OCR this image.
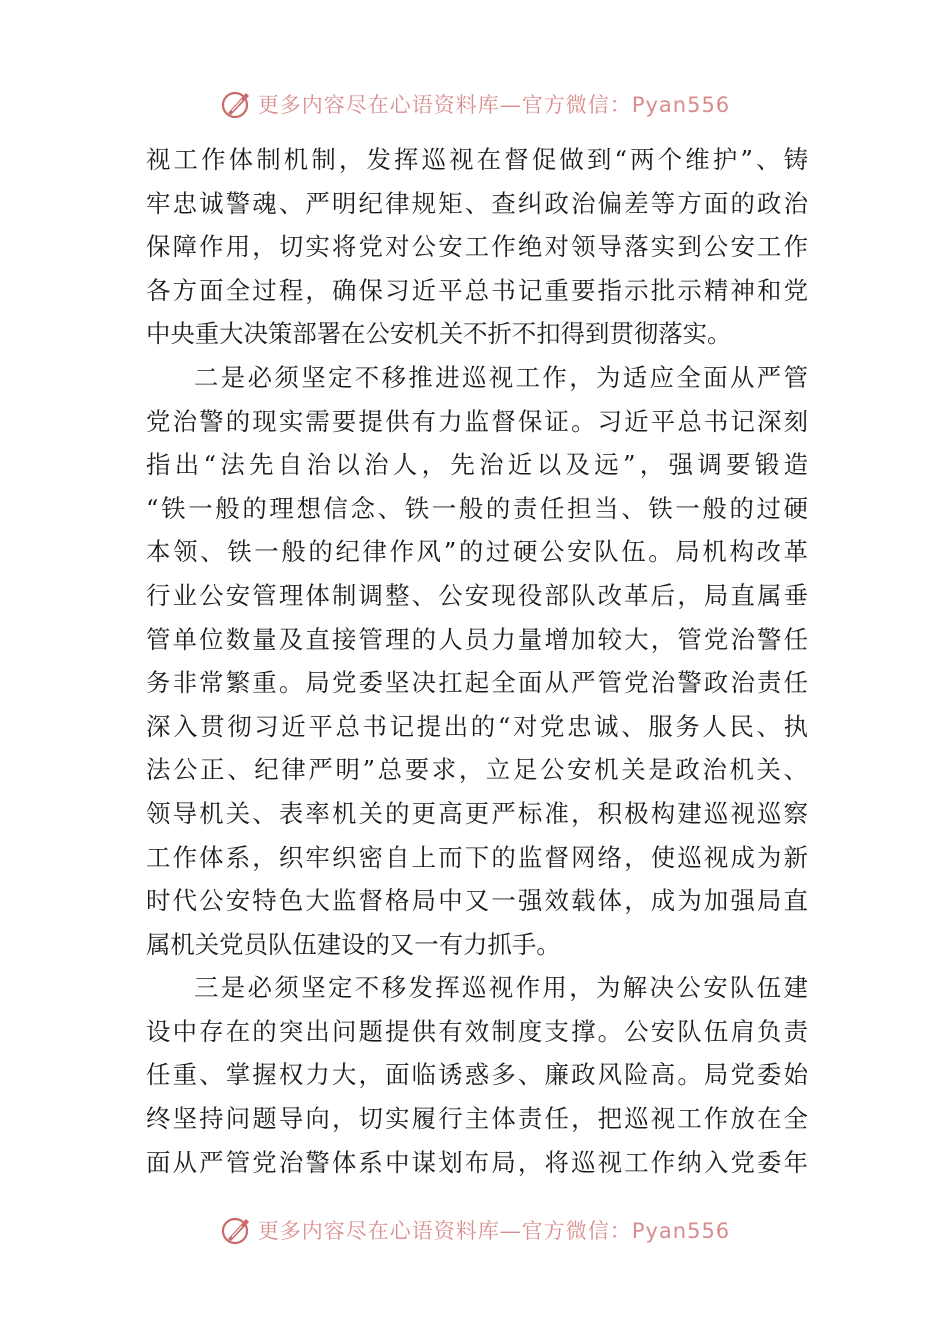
更多内容尽在心语资料库—官方微信：Pyan556
视工作体制机制，发挥巡视在督促做到“两个维护”、铸
牢忠诚警魂、严明纪律规矩、查纠政治偏差等方面的政治
保障作用，切实将党对公安工作绝对领导落实到公安工作
各方面全过程，确保习近平总书记重要指示批示精神和党
中央重大决策部署在公安机关不折不扣得到贯彻落实。
二是必须坚定不移推进巡视工作，为适应全面从严管
党治警的现实需要提供有力监督保证。习近平总书记深刻
指出“法先自治以治人，先治近以及远”，强调要锻造
“铁一般的理想信念、铁一般的责任担当、铁一般的过硬
本领、铁一般的纪律作风”的过硬公安队伍。局机构改革
行业公安管理体制调整、公安现役部队改革后，局直属垂
管单位数量及直接管理的人员力量增加较大，管党治警任
务非常繁重。局党委坚决扛起全面从严管党治警政治责任
深入贯彻习近平总书记提出的“对党忠诚、服务人民、执
法公正、纪律严明”总要求，立足公安机关是政治机关、
领导机关、表率机关的更高更严标准，积极构建巡视巡察
工作体系，织牢织密自上而下的监督网络，使巡视成为新
时代公安特色大监督格局中又一强效载体，成为加强局直
属机关党员队伍建设的又一有力抓手。
三是必须坚定不移发挥巡视作用，为解决公安队伍建
设中存在的突出问题提供有效制度支撑。公安队伍肩负责
任重、掌握权力大，面临诱惑多、廉政风险高。局党委始
终坚持问题导向，切实履行主体责任，把巡视工作放在全
面从严管党治警体系中谋划布局，将巡视工作纳入党委年
更多内容尽在心语资料库—官方微信：Pyan556
